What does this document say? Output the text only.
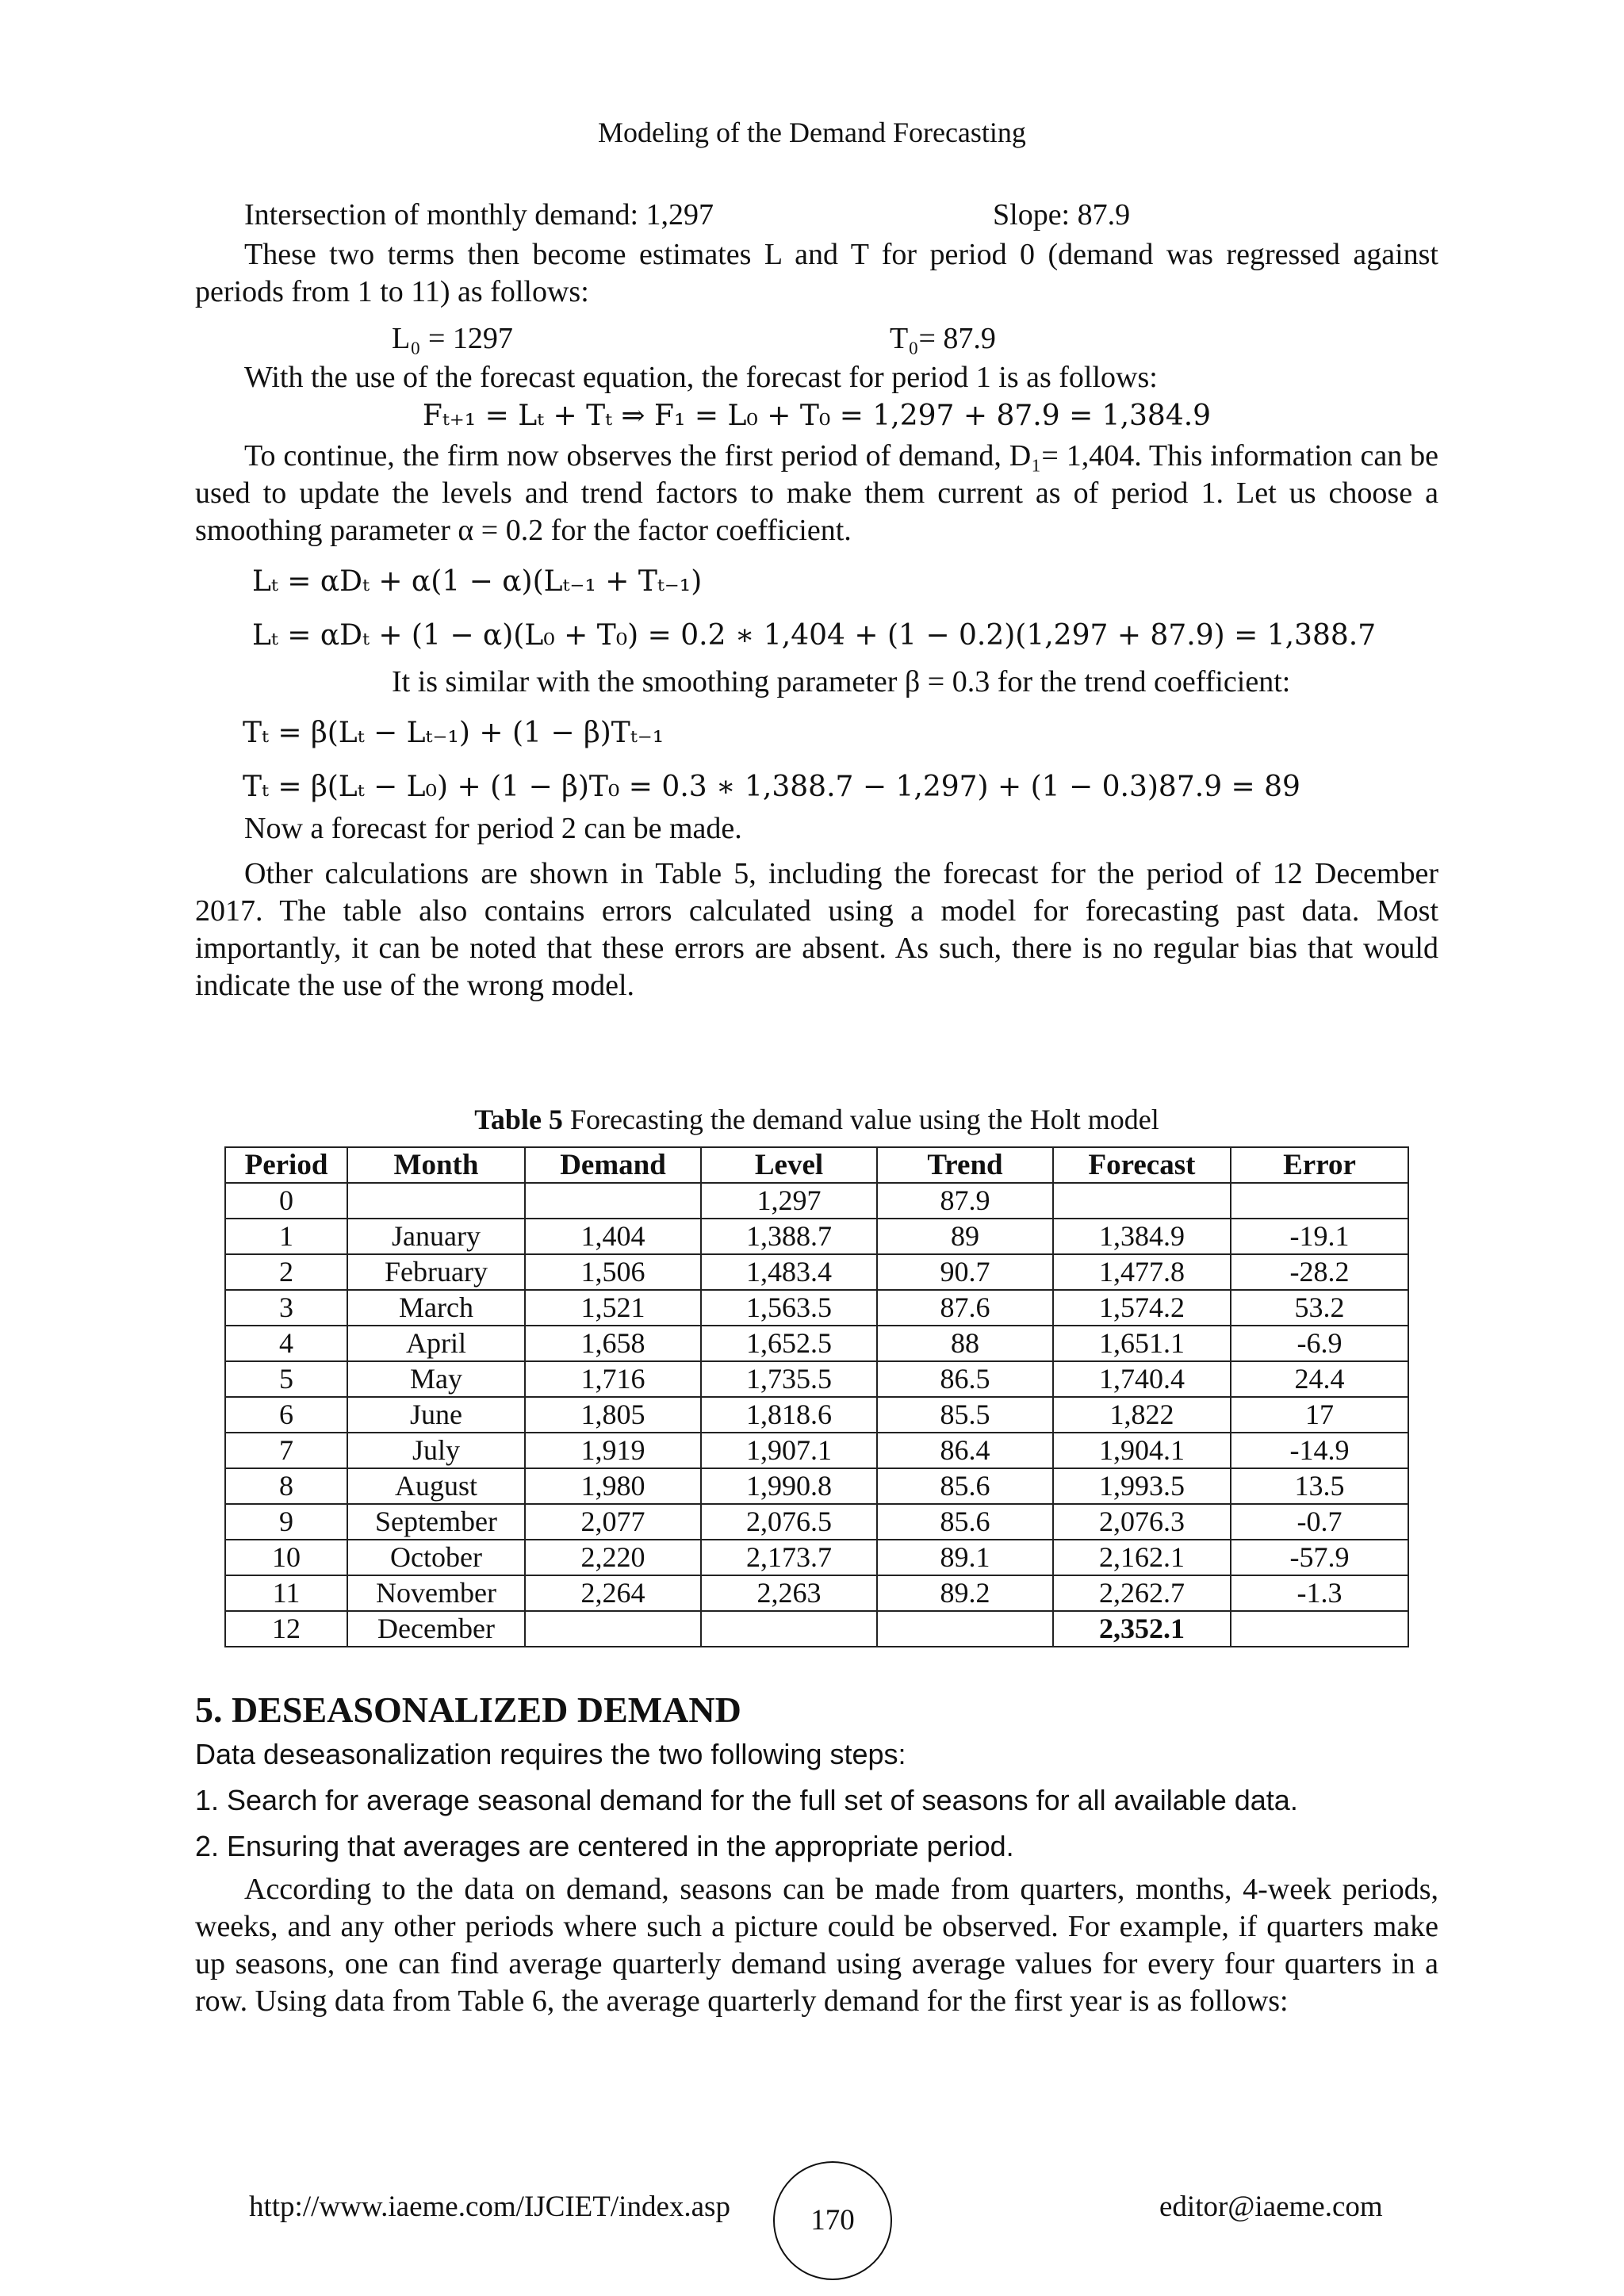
Modeling of the Demand Forecasting
Intersection of monthly demand: 1,297	Slope: 87.9

These two terms then become estimates L and T for period 0 (demand was regressed against periods from 1 to 11) as follows:

L₀ = 1297	T₀= 87.9

With the use of the forecast equation, the forecast for period 1 is as follows:

Fₜ₊₁ = Lₜ + Tₜ ⇒ F₁ = L₀ + T₀ = 1,297 + 87.9 = 1,384.9

To continue, the firm now observes the first period of demand, D₁= 1,404. This information can be used to update the levels and trend factors to make them current as of period 1. Let us choose a smoothing parameter α = 0.2 for the factor coefficient.

Lₜ = αDₜ + α(1 − α)(Lₜ₋₁ + Tₜ₋₁)
Lₜ = αDₜ + (1 − α)(L₀ + T₀) = 0.2 ∗ 1,404 + (1 − 0.2)(1,297 + 87.9) = 1,388.7

It is similar with the smoothing parameter β = 0.3 for the trend coefficient:

Tₜ = β(Lₜ − Lₜ₋₁) + (1 − β)Tₜ₋₁
Tₜ = β(Lₜ − L₀) + (1 − β)T₀ = 0.3 ∗ 1,388.7 − 1,297) + (1 − 0.3)87.9 = 89

Now a forecast for period 2 can be made.

Other calculations are shown in Table 5, including the forecast for the period of 12 December 2017. The table also contains errors calculated using a model for forecasting past data. Most importantly, it can be noted that these errors are absent. As such, there is no regular bias that would indicate the use of the wrong model.

Table 5 Forecasting the demand value using the Holt model
Period	Month	Demand	Level	Trend	Forecast	Error
0			1,297	87.9		
1	January	1,404	1,388.7	89	1,384.9	-19.1
2	February	1,506	1,483.4	90.7	1,477.8	-28.2
3	March	1,521	1,563.5	87.6	1,574.2	53.2
4	April	1,658	1,652.5	88	1,651.1	-6.9
5	May	1,716	1,735.5	86.5	1,740.4	24.4
6	June	1,805	1,818.6	85.5	1,822	17
7	July	1,919	1,907.1	86.4	1,904.1	-14.9
8	August	1,980	1,990.8	85.6	1,993.5	13.5
9	September	2,077	2,076.5	85.6	2,076.3	-0.7
10	October	2,220	2,173.7	89.1	2,162.1	-57.9
11	November	2,264	2,263	89.2	2,262.7	-1.3
12	December				2,352.1	
5. DESEASONALIZED DEMAND
Data deseasonalization requires the two following steps:
1. Search for average seasonal demand for the full set of seasons for all available data.
2. Ensuring that averages are centered in the appropriate period.

According to the data on demand, seasons can be made from quarters, months, 4-week periods, weeks, and any other periods where such a picture could be observed. For example, if quarters make up seasons, one can find average quarterly demand using average values for every four quarters in a row. Using data from Table 6, the average quarterly demand for the first year is as follows:

http://www.iaeme.com/IJCIET/index.asp	170	editor@iaeme.com
